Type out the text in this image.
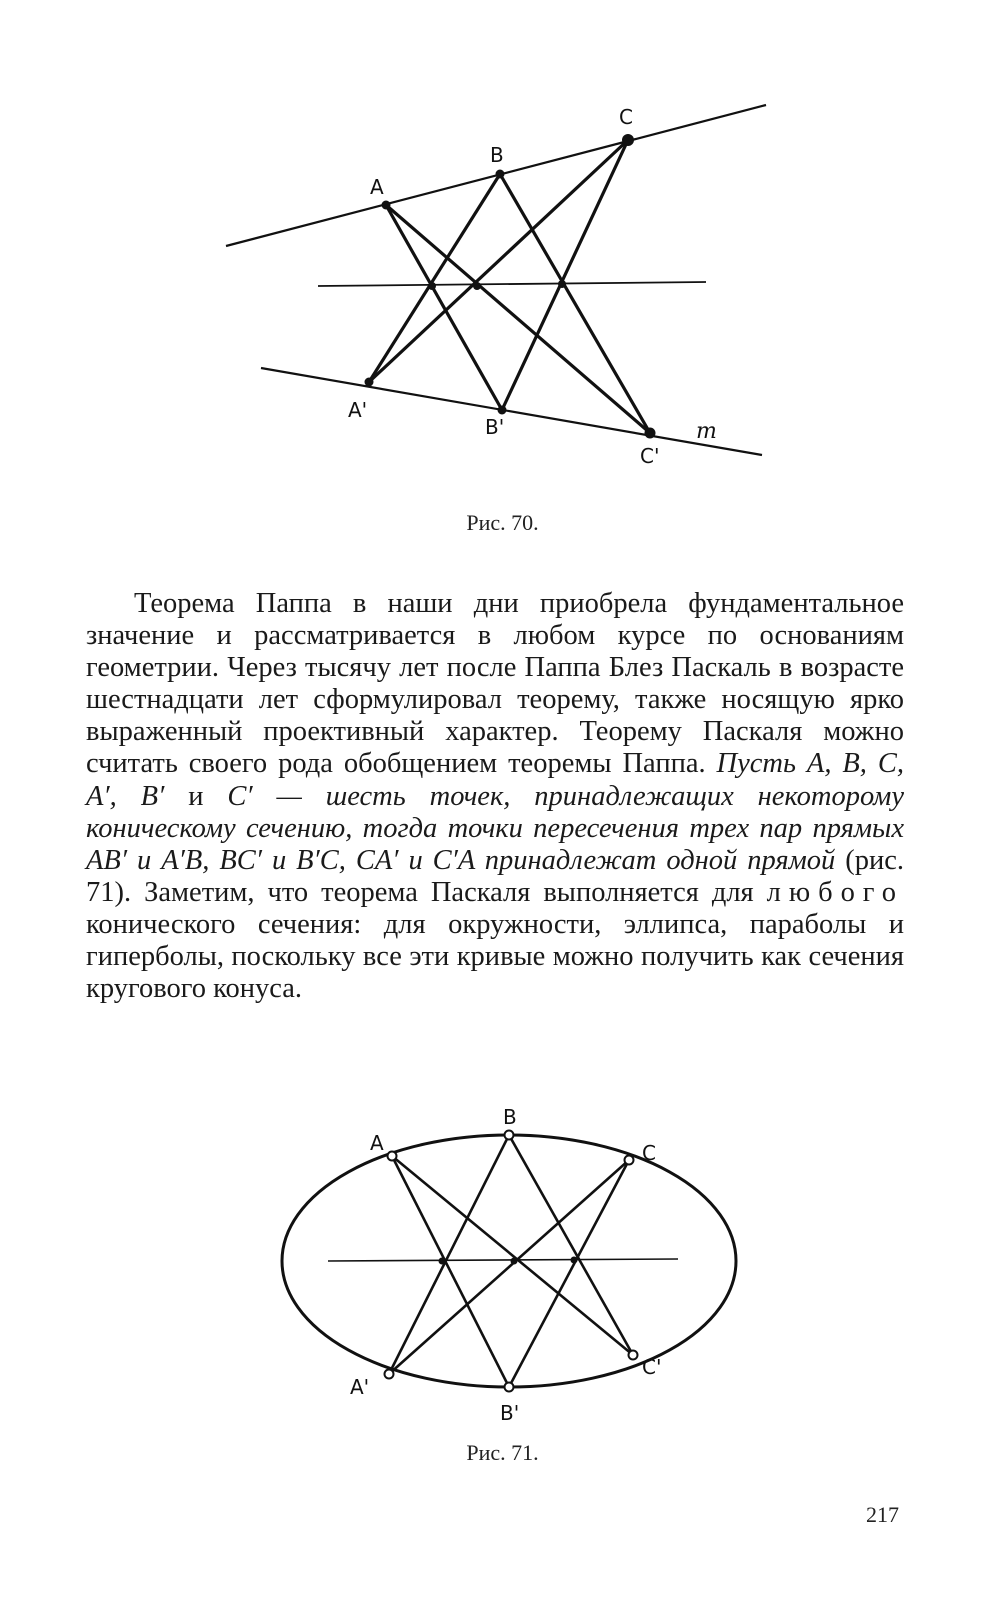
A
B
C
A'
B'
C'
m
Рис. 70.

Теорема Паппа в наши дни приобрела фундаментальное значение и рассматривается в любом курсе по основаниям геометрии. Через тысячу лет после Паппа Блез Паскаль в возрасте шестнадцати лет сформулировал теорему, также носящую ярко выраженный проективный характер. Теорему Паскаля можно считать своего рода обобщением теоремы Паппа. Пусть A, B, C, A′, B′ и C′ — шесть точек, принадлежащих некоторому коническому сечению, тогда точки пересечения трех пар прямых AB′ и A′B, BC′ и B′C, CA′ и C′A принадлежат одной прямой (рис. 71). Заметим, что теорема Паскаля выполняется для любого конического сечения: для окружности, эллипса, параболы и гиперболы, поскольку все эти кривые можно получить как сечения кругового конуса.

A
B
C
A'
B'
C'
Рис. 71.
217
